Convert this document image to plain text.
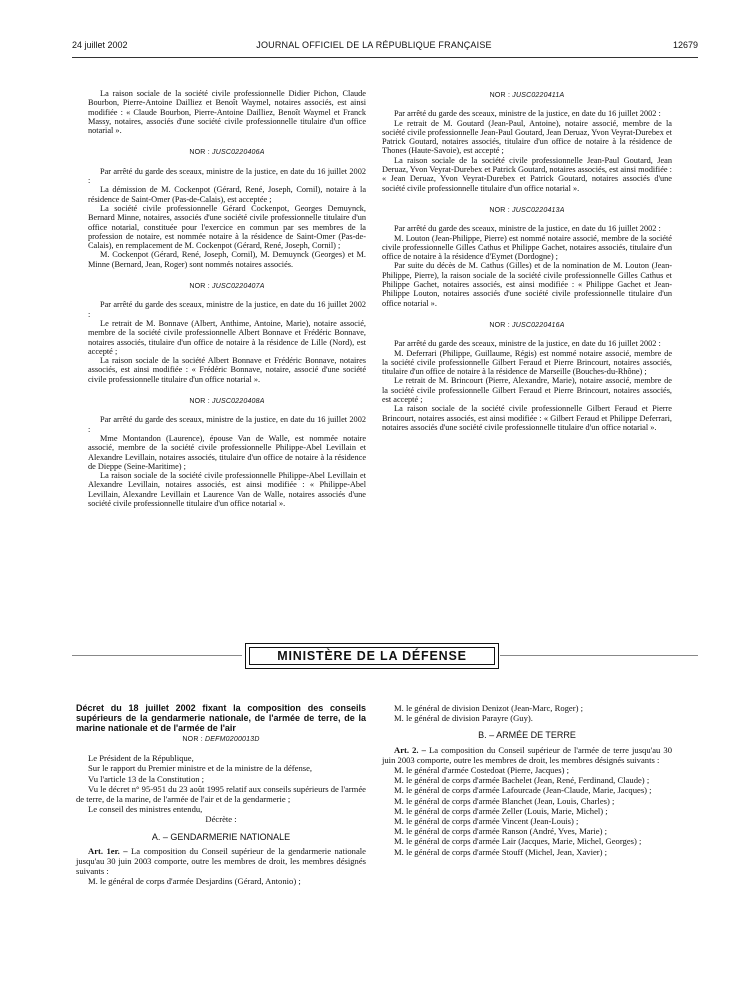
24 juillet 2002	JOURNAL OFFICIEL DE LA RÉPUBLIQUE FRANÇAISE	12679

La raison sociale de la société civile professionnelle Didier Pichon, Claude Bourbon, Pierre-Antoine Dailliez et Benoît Waymel, notaires associés, est ainsi modifiée : « Claude Bourbon, Pierre-Antoine Dailliez, Benoît Waymel et Franck Massy, notaires, associés d'une société civile professionnelle titulaire d'un office notarial ».

NOR : JUSC0220406A

Par arrêté du garde des sceaux, ministre de la justice, en date du 16 juillet 2002 :

La démission de M. Cockenpot (Gérard, René, Joseph, Cornil), notaire à la résidence de Saint-Omer (Pas-de-Calais), est acceptée ;

La société civile professionnelle Gérard Cockenpot, Georges Demuynck, Bernard Minne, notaires, associés d'une société civile professionnelle titulaire d'un office notarial, constituée pour l'exercice en commun par ses membres de la profession de notaire, est nommée notaire à la résidence de Saint-Omer (Pas-de-Calais), en remplacement de M. Cockenpot (Gérard, René, Joseph, Cornil) ;

M. Cockenpot (Gérard, René, Joseph, Cornil), M. Demuynck (Georges) et M. Minne (Bernard, Jean, Roger) sont nommés notaires associés.

NOR : JUSC0220407A

Par arrêté du garde des sceaux, ministre de la justice, en date du 16 juillet 2002 :

Le retrait de M. Bonnave (Albert, Anthime, Antoine, Marie), notaire associé, membre de la société civile professionnelle Albert Bonnave et Frédéric Bonnave, notaires associés, titulaire d'un office de notaire à la résidence de Lille (Nord), est accepté ;

La raison sociale de la société Albert Bonnave et Frédéric Bonnave, notaires associés, est ainsi modifiée : « Frédéric Bonnave, notaire, associé d'une société civile professionnelle titulaire d'un office notarial ».

NOR : JUSC0220408A

Par arrêté du garde des sceaux, ministre de la justice, en date du 16 juillet 2002 :

Mme Montandon (Laurence), épouse Van de Walle, est nommée notaire associé, membre de la société civile professionnelle Philippe-Abel Levillain et Alexandre Levillain, notaires associés, titulaire d'un office de notaire à la résidence de Dieppe (Seine-Maritime) ;

La raison sociale de la société civile professionnelle Philippe-Abel Levillain et Alexandre Levillain, notaires associés, est ainsi modifiée : « Philippe-Abel Levillain, Alexandre Levillain et Laurence Van de Walle, notaires associés d'une société civile professionnelle titulaire d'un office notarial ».

NOR : JUSC0220411A

Par arrêté du garde des sceaux, ministre de la justice, en date du 16 juillet 2002 :

Le retrait de M. Goutard (Jean-Paul, Antoine), notaire associé, membre de la société civile professionnelle Jean-Paul Goutard, Jean Deruaz, Yvon Veyrat-Durebex et Patrick Goutard, notaires associés, titulaire d'un office de notaire à la résidence de Thones (Haute-Savoie), est accepté ;

La raison sociale de la société civile professionnelle Jean-Paul Goutard, Jean Deruaz, Yvon Veyrat-Durebex et Patrick Goutard, notaires associés, est ainsi modifiée : « Jean Deruaz, Yvon Veyrat-Durebex et Patrick Goutard, notaires associés d'une société civile professionnelle titulaire d'un office notarial ».

NOR : JUSC0220413A

Par arrêté du garde des sceaux, ministre de la justice, en date du 16 juillet 2002 :

M. Louton (Jean-Philippe, Pierre) est nommé notaire associé, membre de la société civile professionnelle Gilles Cathus et Philippe Gachet, notaires associés, titulaire d'un office de notaire à la résidence d'Eymet (Dordogne) ;

Par suite du décès de M. Cathus (Gilles) et de la nomination de M. Louton (Jean-Philippe, Pierre), la raison sociale de la société civile professionnelle Gilles Cathus et Philippe Gachet, notaires associés, est ainsi modifiée : « Philippe Gachet et Jean-Philippe Louton, notaires associés d'une société civile professionnelle titulaire d'un office notarial ».

NOR : JUSC0220416A

Par arrêté du garde des sceaux, ministre de la justice, en date du 16 juillet 2002 :

M. Deferrari (Philippe, Guillaume, Régis) est nommé notaire associé, membre de la société civile professionnelle Gilbert Feraud et Pierre Brincourt, notaires associés, titulaire d'un office de notaire à la résidence de Marseille (Bouches-du-Rhône) ;

Le retrait de M. Brincourt (Pierre, Alexandre, Marie), notaire associé, membre de la société civile professionnelle Gilbert Feraud et Pierre Brincourt, notaires associés, est accepté ;

La raison sociale de la société civile professionnelle Gilbert Feraud et Pierre Brincourt, notaires associés, est ainsi modifiée : « Gilbert Feraud et Philippe Deferrari, notaires associés d'une société civile professionnelle titulaire d'un office notarial ».

MINISTÈRE DE LA DÉFENSE

Décret du 18 juillet 2002 fixant la composition des conseils supérieurs de la gendarmerie nationale, de l'armée de terre, de la marine nationale et de l'armée de l'air

NOR : DEFM0200013D

Le Président de la République,

Sur le rapport du Premier ministre et de la ministre de la défense,

Vu l'article 13 de la Constitution ;

Vu le décret n° 95-951 du 23 août 1995 relatif aux conseils supérieurs de l'armée de terre, de la marine, de l'armée de l'air et de la gendarmerie ;

Le conseil des ministres entendu,

Décrète :

A. – GENDARMERIE NATIONALE

Art. 1er. – La composition du Conseil supérieur de la gendarmerie nationale jusqu'au 30 juin 2003 comporte, outre les membres de droit, les membres désignés suivants :

M. le général de corps d'armée Desjardins (Gérard, Antonio) ;

M. le général de division Denizot (Jean-Marc, Roger) ;

M. le général de division Parayre (Guy).

B. – ARMÉE DE TERRE

Art. 2. – La composition du Conseil supérieur de l'armée de terre jusqu'au 30 juin 2003 comporte, outre les membres de droit, les membres désignés suivants :

M. le général d'armée Costedoat (Pierre, Jacques) ;

M. le général de corps d'armée Bachelet (Jean, René, Ferdinand, Claude) ;

M. le général de corps d'armée Lafourcade (Jean-Claude, Marie, Jacques) ;

M. le général de corps d'armée Blanchet (Jean, Louis, Charles) ;

M. le général de corps d'armée Zeller (Louis, Marie, Michel) ;

M. le général de corps d'armée Vincent (Jean-Louis) ;

M. le général de corps d'armée Ranson (André, Yves, Marie) ;

M. le général de corps d'armée Lair (Jacques, Marie, Michel, Georges) ;

M. le général de corps d'armée Stouff (Michel, Jean, Xavier) ;
